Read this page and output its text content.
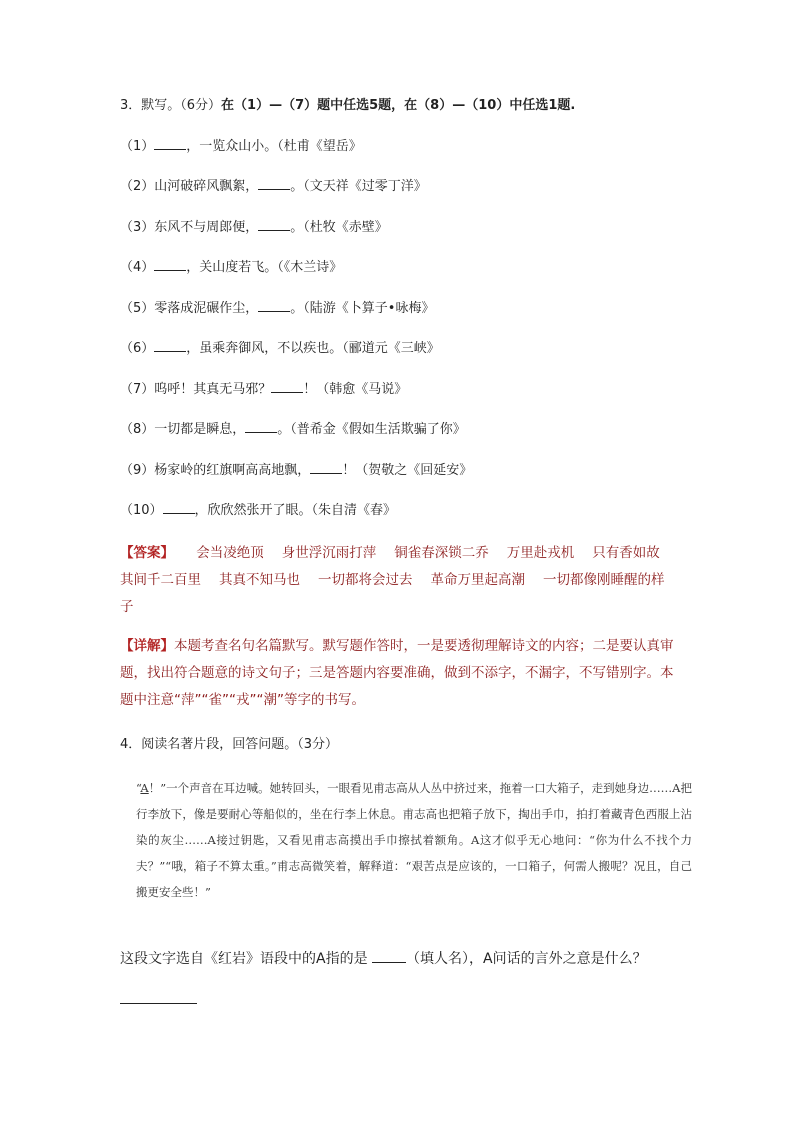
3．默写。（6分）在（1）—（7）题中任选5题，在（8）—（10）中任选1题.
（1） ，一览众山小。（杜甫《望岳》
（2）山河破碎风飘絮， 。（文天祥《过零丁洋》
（3）东风不与周郎便， 。（杜牧《赤壁》
（4） ，关山度若飞。（《木兰诗》
（5）零落成泥碾作尘， 。（陆游《卜算子•咏梅》
（6） ，虽乘奔御风，不以疾也。（郦道元《三峡》
（7）呜呼！其真无马邪？ ！（韩愈《马说》
（8）一切都是瞬息， 。（普希金《假如生活欺骗了你》
（9）杨家岭的红旗啊高高地飘， ！（贺敬之《回延安》
（10） ，欣欣然张开了眼。（朱自清《春》
【答案】 会当凌绝顶 身世浮沉雨打萍 铜雀春深锁二乔 万里赴戎机 只有香如故其间千二百里 其真不知马也 一切都将会过去 革命万里起高潮 一切都像刚睡醒的样子
【详解】本题考查名句名篇默写。默写题作答时，一是要透彻理解诗文的内容；二是要认真审题，找出符合题意的诗文句子；三是答题内容要准确，做到不添字，不漏字，不写错别字。本题中注意“萍”“雀”“戎”“潮”等字的书写。
4．阅读名著片段，回答问题。（3分）
“A！”一个声音在耳边喊。她转回头，一眼看见甫志高从人丛中挤过来，拖着一口大箱子，走到她身边……A把行李放下，像是要耐心等船似的，坐在行李上休息。甫志高也把箱子放下，掏出手巾，拍打着藏青色西服上沾染的灰尘……A接过钥匙，又看见甫志高摸出手巾擦拭着额角。A这才似乎无心地问：“你为什么不找个力夫？”“哦，箱子不算太重。”甫志高微笑着，解释道：“艰苦点是应该的，一口箱子，何需人搬呢？况且，自己搬更安全些！”
这段文字选自《红岩》语段中的A指的是 （填人名），A问话的言外之意是什么？
